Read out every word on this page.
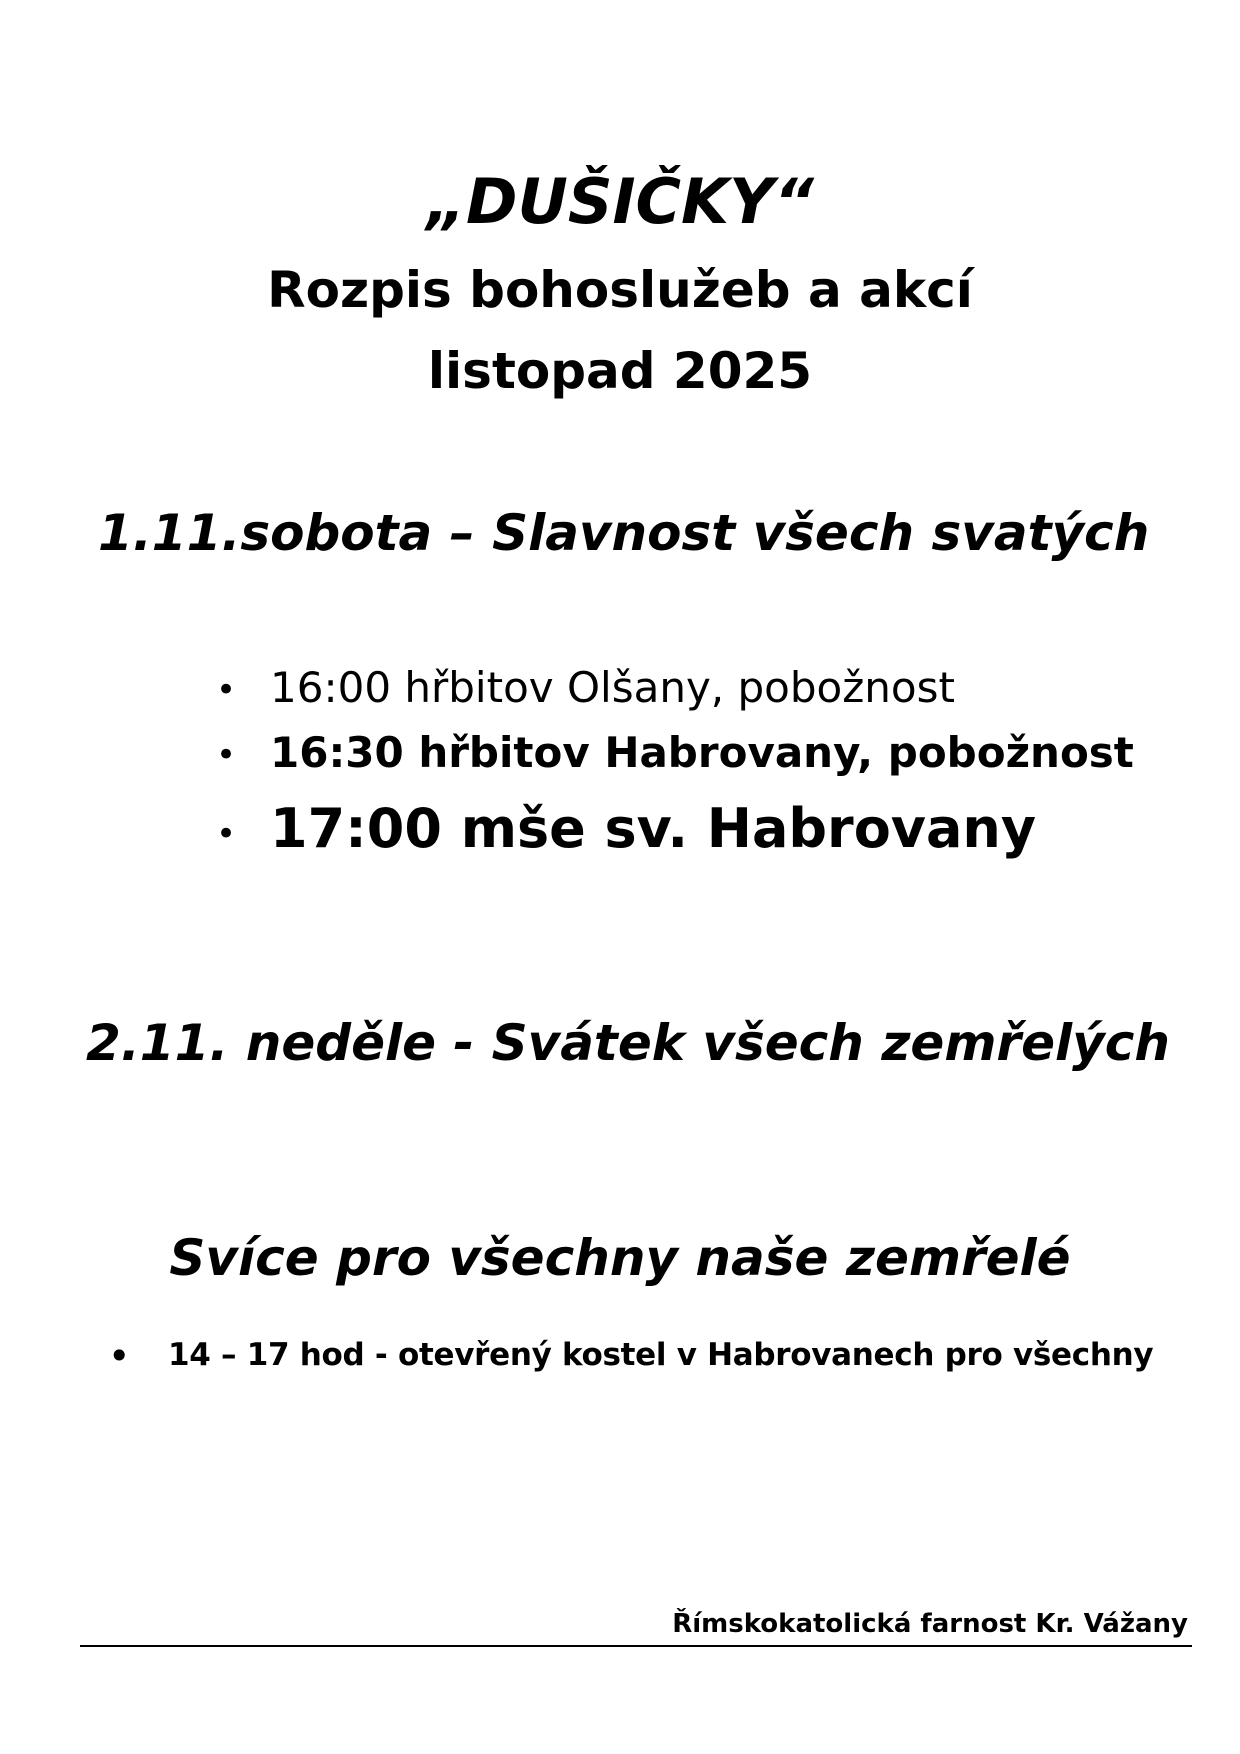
„DUŠIČKY“
Rozpis bohoslužeb a akcí
listopad 2025
1.11.sobota – Slavnost všech svatých
• 16:00 hřbitov Olšany, pobožnost
• 16:30 hřbitov Habrovany, pobožnost
• 17:00 mše sv. Habrovany
2.11. neděle - Svátek všech zemřelých
Svíce pro všechny naše zemřelé
• 14 – 17 hod - otevřený kostel v Habrovanech pro všechny
Římskokatolická farnost Kr. Vážany
